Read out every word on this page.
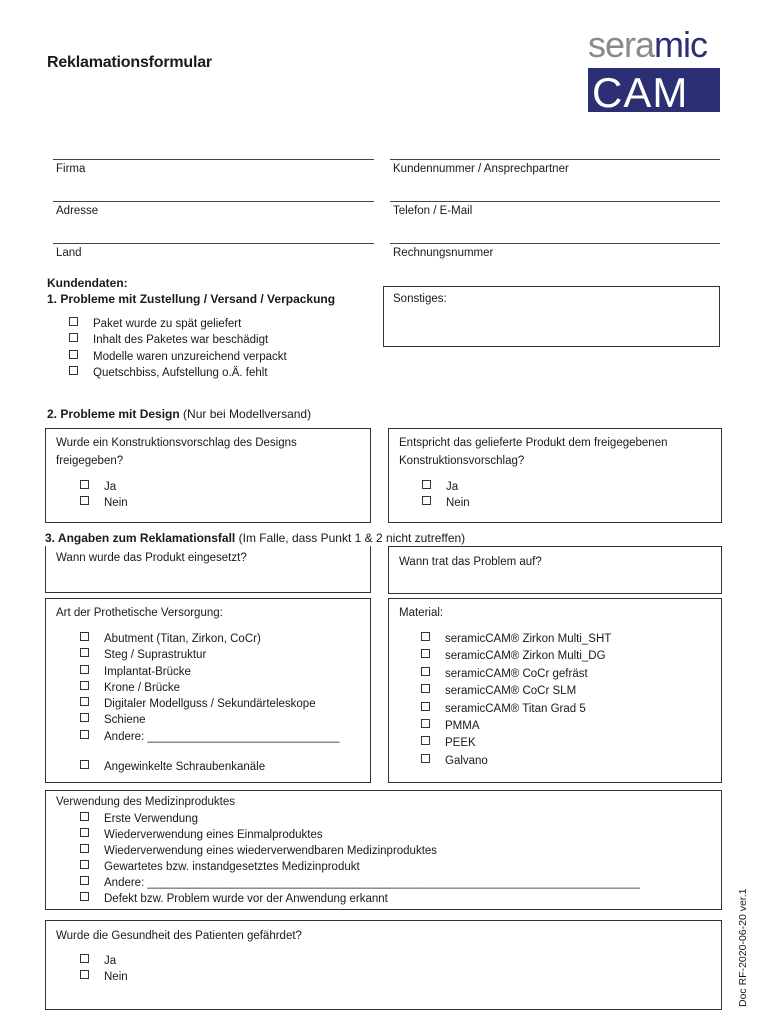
Reklamationsformular	seramic
CAM
Firma	Kundennummer / Ansprechpartner
Adresse	Telefon / E-Mail
Land	Rechnungsnummer
Kundendaten:
1. Probleme mit Zustellung / Versand / Verpackung
Paket wurde zu spät geliefert
Inhalt des Paketes war beschädigt
Modelle waren unzureichend verpackt
Quetschbiss, Aufstellung o.Ä. fehlt
Sonstiges:
2. Probleme mit Design (Nur bei Modellversand)
Wurde ein Konstruktionsvorschlag des Designs freigegeben?
Ja
Nein
Entspricht das gelieferte Produkt dem freigegebenen Konstruktionsvorschlag?
Ja
Nein
3. Angaben zum Reklamationsfall (Im Falle, dass Punkt 1 & 2 nicht zutreffen)
Wann wurde das Produkt eingesetzt?	Wann trat das Problem auf?
Art der Prothetische Versorgung:
Abutment (Titan, Zirkon, CoCr)
Steg / Suprastruktur
Implantat-Brücke
Krone / Brücke
Digitaler Modellguss / Sekundärteleskope
Schiene
Andere: ______________________________
Angewinkelte Schraubenkanäle
Material:
seramicCAM® Zirkon Multi_SHT
seramicCAM® Zirkon Multi_DG
seramicCAM® CoCr gefräst
seramicCAM® CoCr SLM
seramicCAM® Titan Grad 5
PMMA
PEEK
Galvano
Verwendung des Medizinproduktes
Erste Verwendung
Wiederverwendung eines Einmalproduktes
Wiederverwendung eines wiederverwendbaren Medizinproduktes
Gewartetes bzw. instandgesetztes Medizinprodukt
Andere: _____________________________________________________________________________
Defekt bzw. Problem wurde vor der Anwendung erkannt
Wurde die Gesundheit des Patienten gefährdet?
Ja
Nein	Doc RF-2020-06-20 ver.1
